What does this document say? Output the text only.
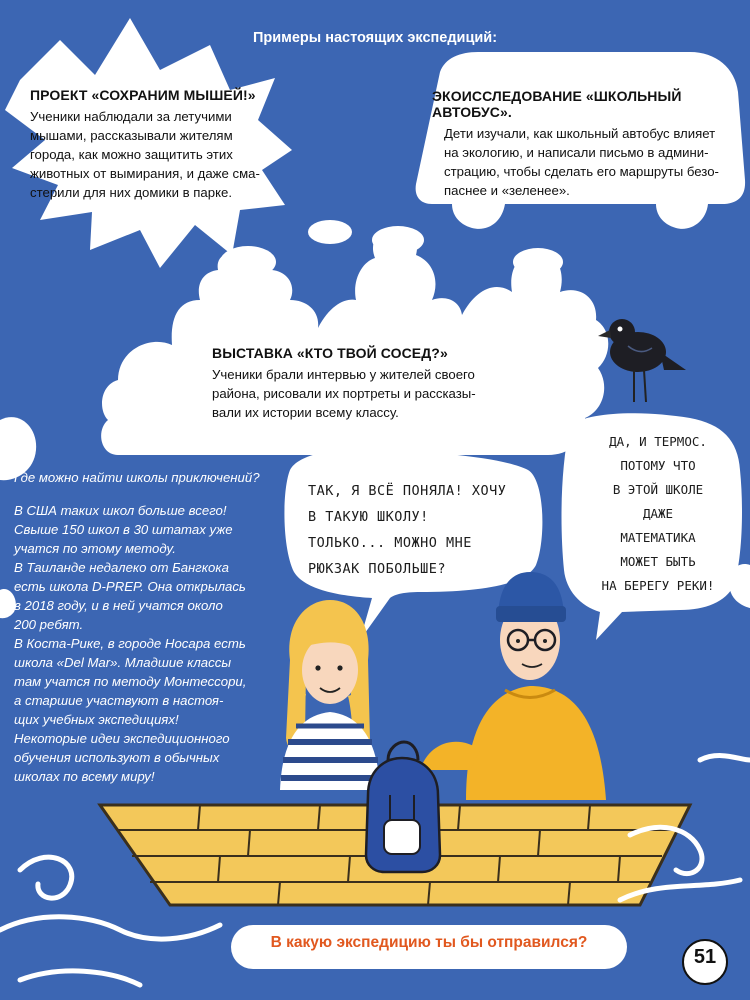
Примеры настоящих экспедиций:
ПРОЕКТ «СОХРАНИМ МЫШЕЙ!»
Ученики наблюдали за летучими
мышами, рассказывали жителям
города, как можно защитить этих
животных от вымирания, и даже сма-
стерили для них домики в парке.
ЭКОИССЛЕДОВАНИЕ «ШКОЛЬНЫЙ АВТОБУС».
Дети изучали, как школьный автобус влияет
на экологию, и написали письмо в админи-
страцию, чтобы сделать его маршруты безо-
паснее и «зеленее».
ВЫСТАВКА «КТО ТВОЙ СОСЕД?»
Ученики брали интервью у жителей своего
района, рисовали их портреты и рассказы-
вали их истории всему классу.
Где можно найти школы приключений?

В США таких школ больше всего!

Свыше 150 школ в 30 штатах уже

учатся по этому методу.

В Таиланде недалеко от Бангкока

есть школа D-PREP. Она открылась

в 2018 году, и в ней учатся около

200 ребят.

В Коста-Рике, в городе Носара есть

школа «Del Mar». Младшие классы

там учатся по методу Монтессори,

а старшие участвуют в настоя-

щих учебных экспедициях!

Некоторые идеи экспедиционного

обучения используют в обычных

школах по всему миру!

ТАК, Я ВСЁ ПОНЯЛА! ХОЧУ
В ТАКУЮ ШКОЛУ!
ТОЛЬКО... МОЖНО МНЕ
РЮКЗАК ПОБОЛЬШЕ?
ДА, И ТЕРМОС.
ПОТОМУ ЧТО
В ЭТОЙ ШКОЛЕ
ДАЖЕ
МАТЕМАТИКА
МОЖЕТ БЫТЬ
НА БЕРЕГУ РЕКИ!
В какую экспедицию ты бы отправился?
51
